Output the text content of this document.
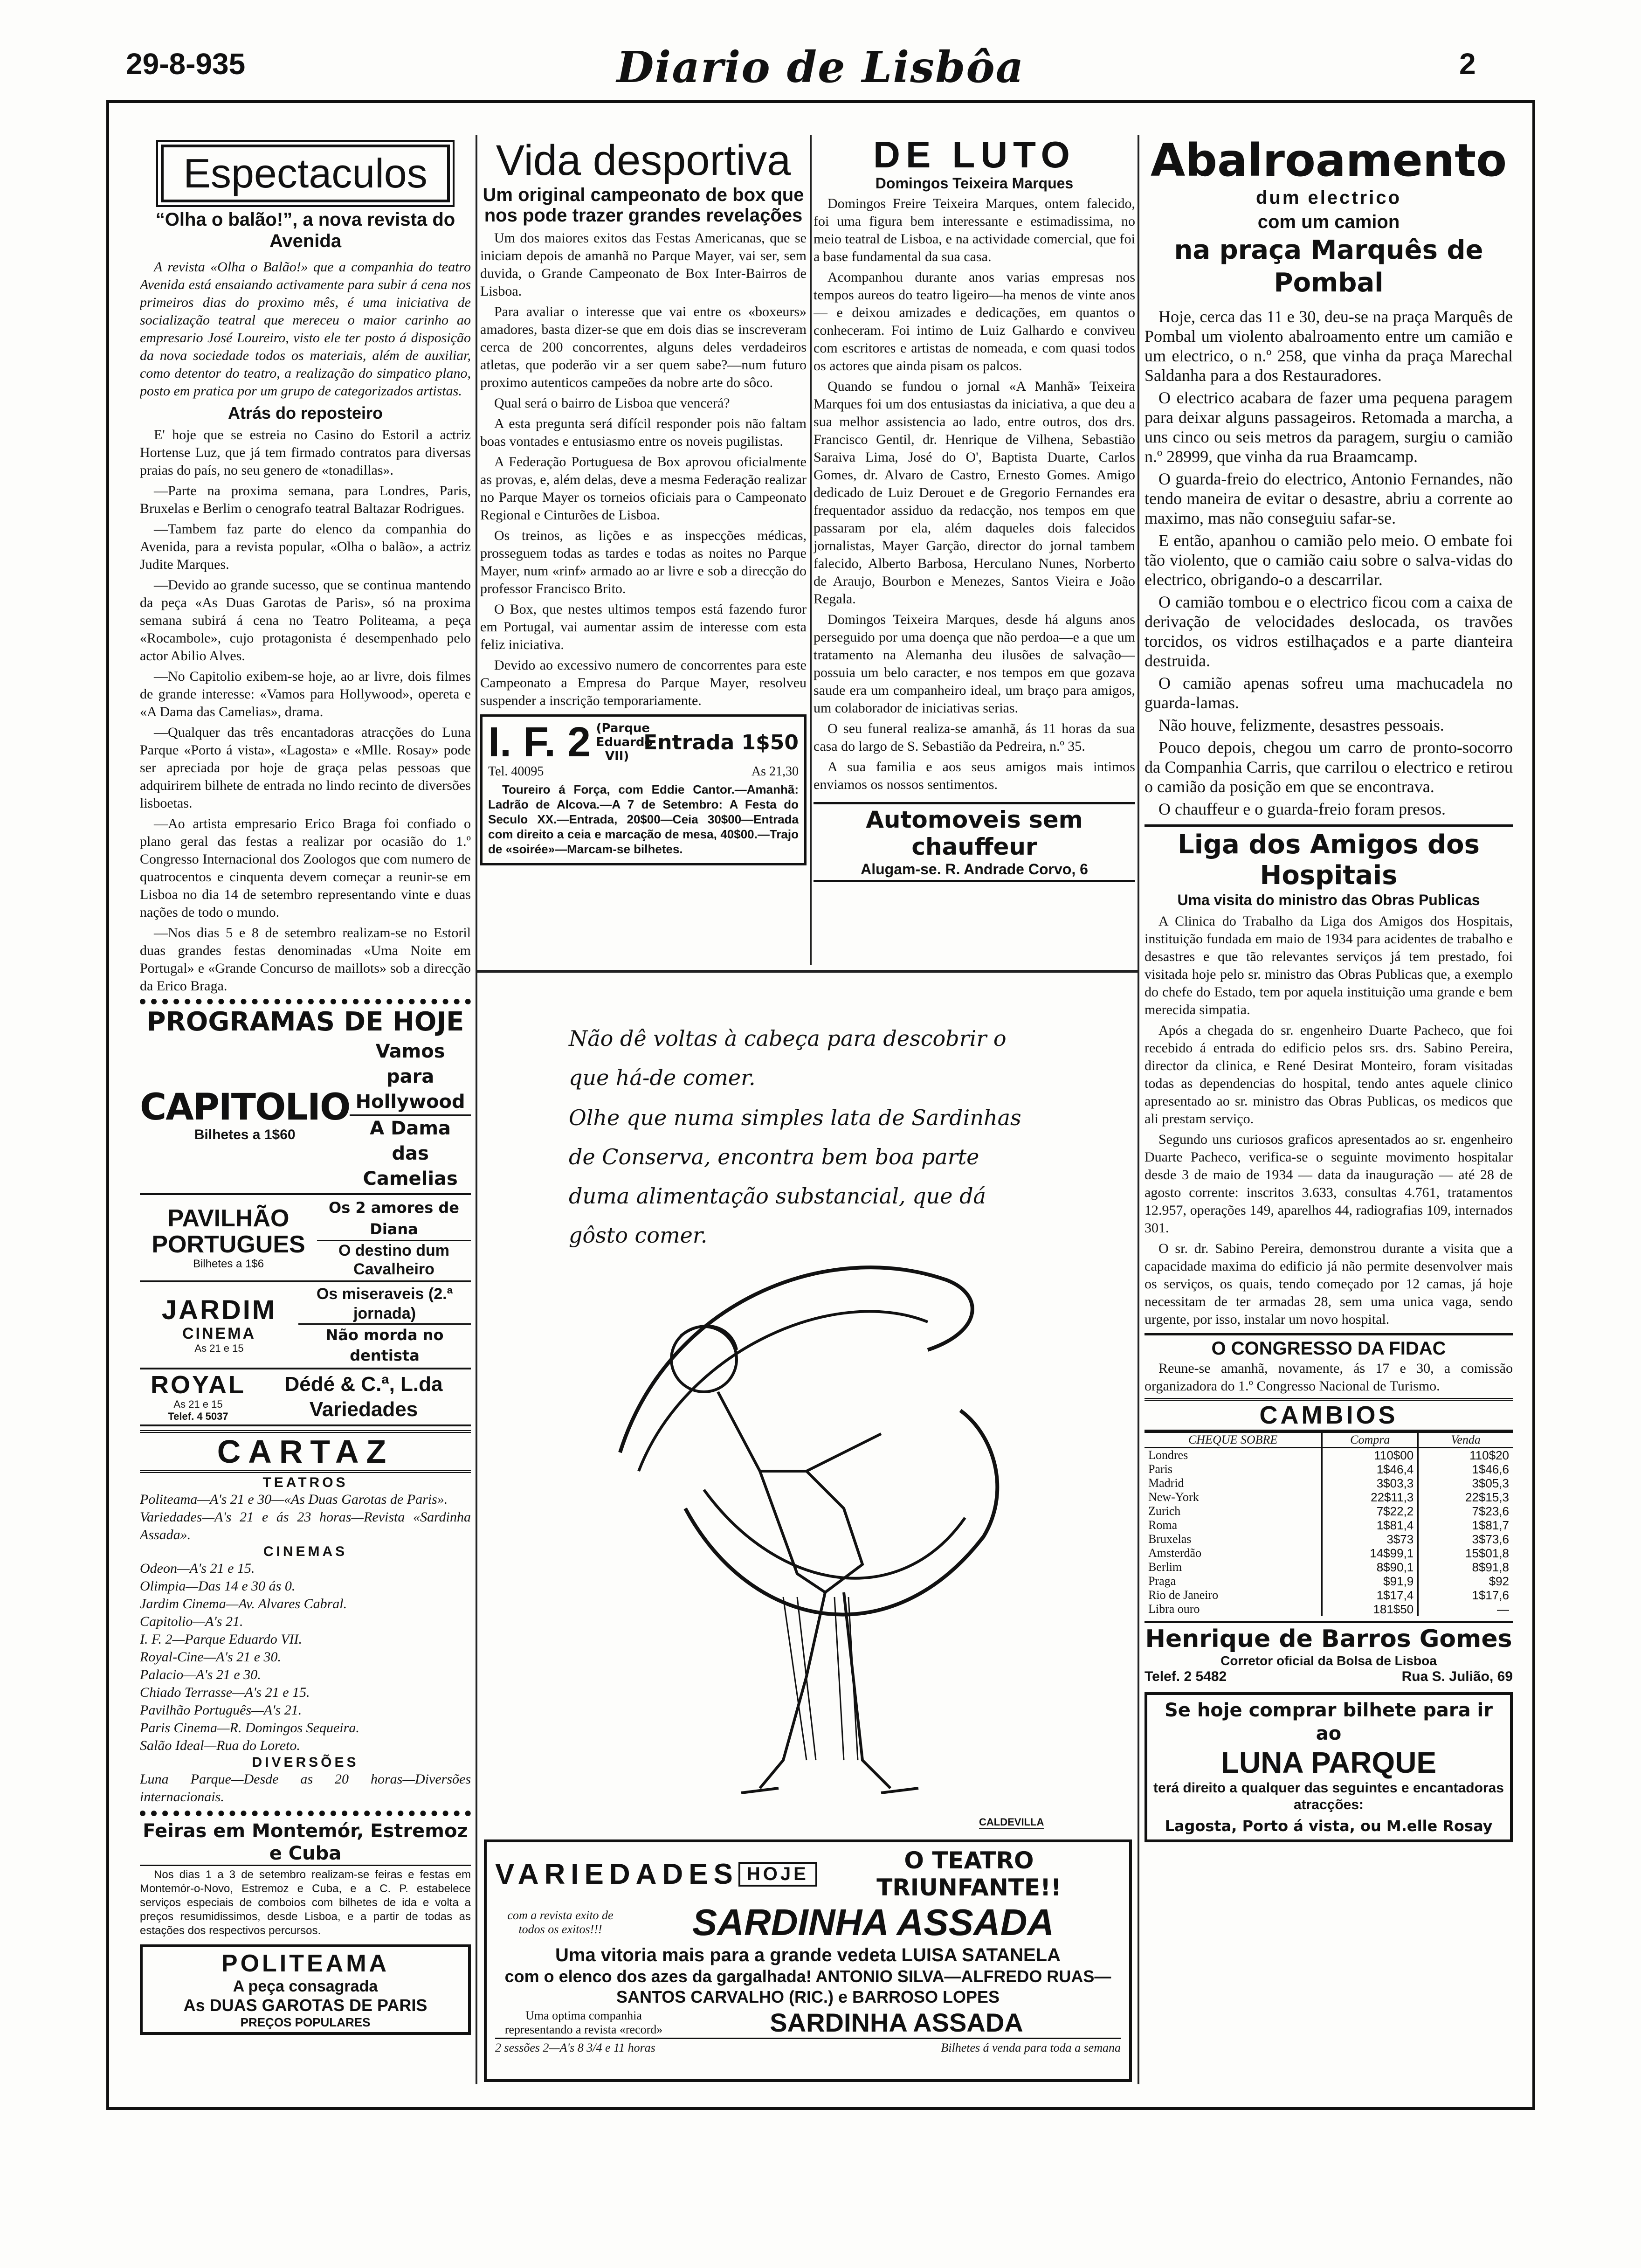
Diario de Lisbôa
29-8-935	2
Espectaculos
“Olha o balão!”, a nova revista do Avenida

A revista «Olha o Balão!» que a companhia do teatro Avenida está ensaiando activamente para subir á cena nos primeiros dias do proximo mês, é uma iniciativa de socialização teatral que mereceu o maior carinho ao empresario José Loureiro, visto ele ter posto á disposição da nova sociedade todos os materiais, além de auxiliar, como detentor do teatro, a realização do simpatico plano, posto em pratica por um grupo de categorizados artistas.

Atrás do reposteiro

E' hoje que se estreia no Casino do Estoril a actriz Hortense Luz, que já tem firmado contratos para diversas praias do país, no seu genero de «tonadillas».

—Parte na proxima semana, para Londres, Paris, Bruxelas e Berlim o cenografo teatral Baltazar Rodrigues.

—Tambem faz parte do elenco da companhia do Avenida, para a revista popular, «Olha o balão», a actriz Judite Marques.

—Devido ao grande sucesso, que se continua mantendo da peça «As Duas Garotas de Paris», só na proxima semana subirá á cena no Teatro Politeama, a peça «Rocambole», cujo protagonista é desempenhado pelo actor Abilio Alves.

—No Capitolio exibem-se hoje, ao ar livre, dois filmes de grande interesse: «Vamos para Hollywood», opereta e «A Dama das Camelias», drama.

—Qualquer das três encantadoras atracções do Luna Parque «Porto á vista», «Lagosta» e «Mlle. Rosay» pode ser apreciada por hoje de graça pelas pessoas que adquirirem bilhete de entrada no lindo recinto de diversões lisboetas.

—Ao artista empresario Erico Braga foi confiado o plano geral das festas a realizar por ocasião do 1.º Congresso Internacional dos Zoologos que com numero de quatrocentos e cinquenta devem começar a reunir-se em Lisboa no dia 14 de setembro representando vinte e duas nações de todo o mundo.

—Nos dias 5 e 8 de setembro realizam-se no Estoril duas grandes festas denominadas «Uma Noite em Portugal» e «Grande Concurso de maillots» sob a direcção da Erico Braga.

PROGRAMAS DE HOJE
CAPITOLIO
Bilhetes a 1$60
Vamos para Hollywood
A Dama das Camelias
PAVILHÃO
PORTUGUES
Bilhetes a 1$6
Os 2 amores de Diana
O destino dum Cavalheiro
JARDIM
CINEMA
As 21 e 15
Os miseraveis (2.ª jornada)
Não morda no dentista
ROYAL
As 21 e 15
Telef. 4 5037
Dédé & C.ª, L.da
Variedades
CARTAZ
TEATROS

Politeama—A's 21 e 30—«As Duas Garotas de Paris».

Variedades—A's 21 e ás 23 horas—Revista «Sardinha Assada».

CINEMAS

Odeon—A's 21 e 15.

Olimpia—Das 14 e 30 ás 0.

Jardim Cinema—Av. Alvares Cabral.

Capitolio—A's 21.

I. F. 2—Parque Eduardo VII.

Royal-Cine—A's 21 e 30.

Palacio—A's 21 e 30.

Chiado Terrasse—A's 21 e 15.

Pavilhão Português—A's 21.

Paris Cinema—R. Domingos Sequeira.

Salão Ideal—Rua do Loreto.

DIVERSÕES

Luna Parque—Desde as 20 horas—Diversões internacionais.

Feiras em Montemór, Estremoz e Cuba

Nos dias 1 a 3 de setembro realizam-se feiras e festas em Montemór-o-Novo, Estremoz e Cuba, e a C. P. estabelece serviços especiais de comboios com bilhetes de ida e volta a preços resumidissimos, desde Lisboa, e a partir de todas as estações dos respectivos percursos.

POLITEAMA
A peça consagrada
As DUAS GAROTAS DE PARIS
PREÇOS POPULARES
Vida desportiva
Um original campeonato de box que nos pode trazer grandes revelações

Um dos maiores exitos das Festas Americanas, que se iniciam depois de amanhã no Parque Mayer, vai ser, sem duvida, o Grande Campeonato de Box Inter-Bairros de Lisboa.

Para avaliar o interesse que vai entre os «boxeurs» amadores, basta dizer-se que em dois dias se inscreveram cerca de 200 concorrentes, alguns deles verdadeiros atletas, que poderão vir a ser quem sabe?—num futuro proximo autenticos campeões da nobre arte do sôco.

Qual será o bairro de Lisboa que vencerá?

A esta pregunta será difícil responder pois não faltam boas vontades e entusiasmo entre os noveis pugilistas.

A Federação Portuguesa de Box aprovou oficialmente as provas, e, além delas, deve a mesma Federação realizar no Parque Mayer os torneios oficiais para o Campeonato Regional e Cinturões de Lisboa.

Os treinos, as lições e as inspecções médicas, prosseguem todas as tardes e todas as noites no Parque Mayer, num «rinf» armado ao ar livre e sob a direcção do professor Francisco Brito.

O Box, que nestes ultimos tempos está fazendo furor em Portugal, vai aumentar assim de interesse com esta feliz iniciativa.

Devido ao excessivo numero de concorrentes para este Campeonato a Empresa do Parque Mayer, resolveu suspender a inscrição temporariamente.

I. F. 2 (Parque Eduardo VII)
Entrada 1$50
Tel. 40095	As 21,30

Toureiro á Força, com Eddie Cantor.—Amanhã: Ladrão de Alcova.—A 7 de Setembro: A Festa do Seculo XX.—Entrada, 20$00—Ceia 30$00—Entrada com direito a ceia e marcação de mesa, 40$00.—Trajo de «soirée»—Marcam-se bilhetes.

DE LUTO
Domingos Teixeira Marques

Domingos Freire Teixeira Marques, ontem falecido, foi uma figura bem interessante e estimadissima, no meio teatral de Lisboa, e na actividade comercial, que foi a base fundamental da sua casa.

Acompanhou durante anos varias empresas nos tempos aureos do teatro ligeiro—ha menos de vinte anos— e deixou amizades e dedicações, em quantos o conheceram. Foi intimo de Luiz Galhardo e conviveu com escritores e artistas de nomeada, e com quasi todos os actores que ainda pisam os palcos.

Quando se fundou o jornal «A Manhã» Teixeira Marques foi um dos entusiastas da iniciativa, a que deu a sua melhor assistencia ao lado, entre outros, dos drs. Francisco Gentil, dr. Henrique de Vilhena, Sebastião Saraiva Lima, José do O', Baptista Duarte, Carlos Gomes, dr. Alvaro de Castro, Ernesto Gomes. Amigo dedicado de Luiz Derouet e de Gregorio Fernandes era frequentador assiduo da redacção, nos tempos em que passaram por ela, além daqueles dois falecidos jornalistas, Mayer Garção, director do jornal tambem falecido, Alberto Barbosa, Herculano Nunes, Norberto de Araujo, Bourbon e Menezes, Santos Vieira e João Regala.

Domingos Teixeira Marques, desde há alguns anos perseguido por uma doença que não perdoa—e a que um tratamento na Alemanha deu ilusões de salvação—possuia um belo caracter, e nos tempos em que gozava saude era um companheiro ideal, um braço para amigos, um colaborador de iniciativas serias.

O seu funeral realiza-se amanhã, ás 11 horas da sua casa do largo de S. Sebastião da Pedreira, n.º 35.

A sua familia e aos seus amigos mais intimos enviamos os nossos sentimentos.

Automoveis sem chauffeur
Alugam-se. R. Andrade Corvo, 6
Não dê voltas à cabeça para descobrir o que há-de comer.
Olhe que numa simples lata de Sardinhas de Conserva, encontra bem boa parte duma alimentação substancial, que dá gôsto comer.
CALDEVILLA
VARIEDADES HOJE	O TEATRO TRIUNFANTE!!
com a revista exito de todos os exitos!!!	SARDINHA ASSADA
Uma vitoria mais para a grande vedeta LUISA SATANELA
com o elenco dos azes da gargalhada! ANTONIO SILVA—ALFREDO RUAS—SANTOS CARVALHO (RIC.) e BARROSO LOPES
Uma optima companhia representando a revista «record»	SARDINHA ASSADA
2 sessões 2—A's 8 3/4 e 11 horas	Bilhetes á venda para toda a semana
Abalroamento
dum electrico
com um camion
na praça Marquês de Pombal

Hoje, cerca das 11 e 30, deu-se na praça Marquês de Pombal um violento abalroamento entre um camião e um electrico, o n.º 258, que vinha da praça Marechal Saldanha para a dos Restauradores.

O electrico acabara de fazer uma pequena paragem para deixar alguns passageiros. Retomada a marcha, a uns cinco ou seis metros da paragem, surgiu o camião n.º 28999, que vinha da rua Braamcamp.

O guarda-freio do electrico, Antonio Fernandes, não tendo maneira de evitar o desastre, abriu a corrente ao maximo, mas não conseguiu safar-se.

E então, apanhou o camião pelo meio. O embate foi tão violento, que o camião caiu sobre o salva-vidas do electrico, obrigando-o a descarrilar.

O camião tombou e o electrico ficou com a caixa de derivação de velocidades deslocada, os travões torcidos, os vidros estilhaçados e a parte dianteira destruida.

O camião apenas sofreu uma machucadela no guarda-lamas.

Não houve, felizmente, desastres pessoais.

Pouco depois, chegou um carro de pronto-socorro da Companhia Carris, que carrilou o electrico e retirou o camião da posição em que se encontrava.

O chauffeur e o guarda-freio foram presos.

Liga dos Amigos dos Hospitais
Uma visita do ministro das Obras Publicas

A Clinica do Trabalho da Liga dos Amigos dos Hospitais, instituição fundada em maio de 1934 para acidentes de trabalho e desastres e que tão relevantes serviços já tem prestado, foi visitada hoje pelo sr. ministro das Obras Publicas que, a exemplo do chefe do Estado, tem por aquela instituição uma grande e bem merecida simpatia.

Após a chegada do sr. engenheiro Duarte Pacheco, que foi recebido á entrada do edificio pelos srs. drs. Sabino Pereira, director da clinica, e René Desirat Monteiro, foram visitadas todas as dependencias do hospital, tendo antes aquele clinico apresentado ao sr. ministro das Obras Publicas, os medicos que ali prestam serviço.

Segundo uns curiosos graficos apresentados ao sr. engenheiro Duarte Pacheco, verifica-se o seguinte movimento hospitalar desde 3 de maio de 1934 — data da inauguração — até 28 de agosto corrente: inscritos 3.633, consultas 4.761, tratamentos 12.957, operações 149, aparelhos 44, radiografias 109, internados 301.

O sr. dr. Sabino Pereira, demonstrou durante a visita que a capacidade maxima do edificio já não permite desenvolver mais os serviços, os quais, tendo começado por 12 camas, já hoje necessitam de ter armadas 28, sem uma unica vaga, sendo urgente, por isso, instalar um novo hospital.

O CONGRESSO DA FIDAC

Reune-se amanhã, novamente, ás 17 e 30, a comissão organizadora do 1.º Congresso Nacional de Turismo.

CAMBIOS
CHEQUE SOBRE	Compra	Venda
Londres	110$00	110$20
Paris	1$46,4	1$46,6
Madrid	3$03,3	3$05,3
New-York	22$11,3	22$15,3
Zurich	7$22,2	7$23,6
Roma	1$81,4	1$81,7
Bruxelas	3$73	3$73,6
Amsterdão	14$99,1	15$01,8
Berlim	8$90,1	8$91,8
Praga	$91,9	$92
Rio de Janeiro	1$17,4	1$17,6
Libra ouro	181$50	—
Henrique de Barros Gomes
Corretor oficial da Bolsa de Lisboa
Telef. 2 5482	Rua S. Julião, 69
Se hoje comprar bilhete para ir ao
LUNA PARQUE
terá direito a qualquer das seguintes e encantadoras atracções:
Lagosta, Porto á vista, ou M.elle Rosay
